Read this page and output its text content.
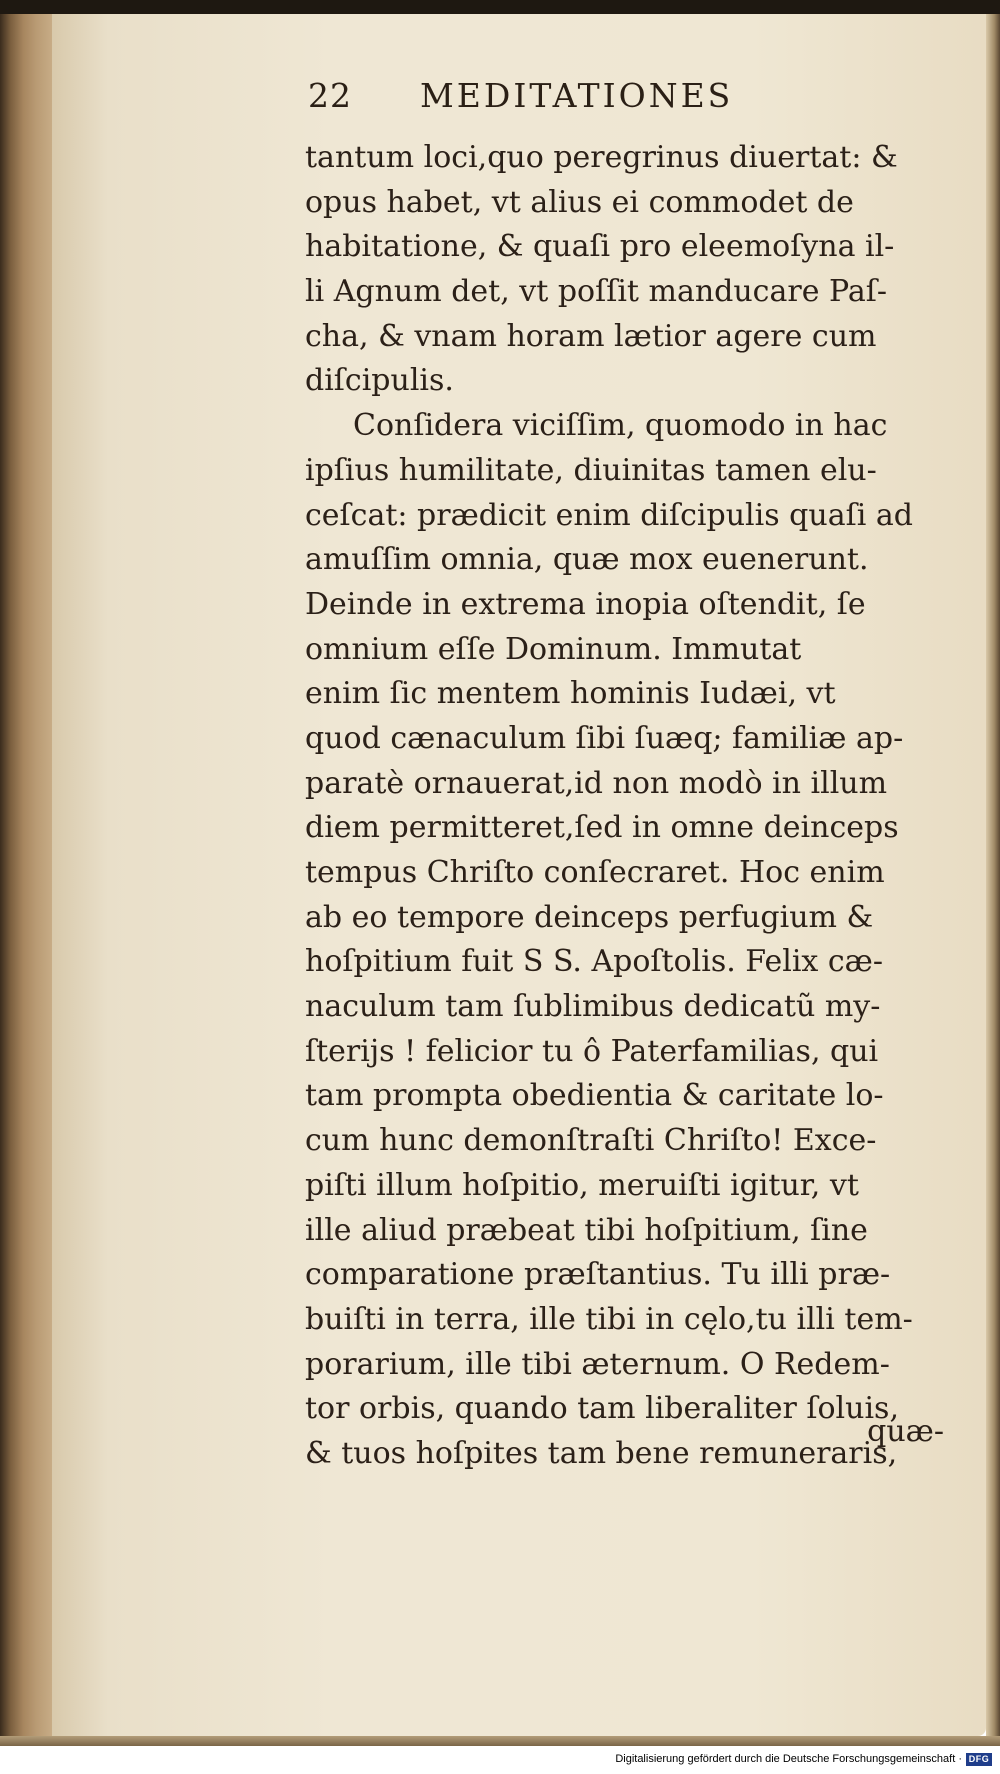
22 MEDITATIONES
tantum loci,quo peregrinus diuertat: &
opus habet, vt alius ei commodet de
habitatione, & quaſi pro eleemoſyna il-
li Agnum det, vt poſſit manducare Paſ-
cha, & vnam horam lætior agere cum
diſcipulis.
Conſidera viciſſim, quomodo in hac
ipſius humilitate, diuinitas tamen elu-
ceſcat: prædicit enim diſcipulis quaſi ad
amuſſim omnia, quæ mox euenerunt.
Deinde in extrema inopia oſtendit, ſe
omnium eſſe Dominum. Immutat
enim ſic mentem hominis Iudæi, vt
quod cænaculum ſibi ſuæq; familiæ ap-
paratè ornauerat,id non modò in illum
diem permitteret,ſed in omne deinceps
tempus Chriſto conſecraret. Hoc enim
ab eo tempore deinceps perfugium &
hoſpitium fuit S S. Apoſtolis. Felix cæ-
naculum tam ſublimibus dedicatũ my-
ſterijs ! felicior tu ô Paterfamilias, qui
tam prompta obedientia & caritate lo-
cum hunc demonſtraſti Chriſto! Exce-
piſti illum hoſpitio, meruiſti igitur, vt
ille aliud præbeat tibi hoſpitium, ſine
comparatione præſtantius. Tu illi præ-
buiſti in terra, ille tibi in cęlo,tu illi tem-
porarium, ille tibi æternum. O Redem-
tor orbis, quando tam liberaliter ſoluis,
& tuos hoſpites tam bene remuneraris,
quæ-
Digitalisierung gefördert durch die Deutsche Forschungsgemeinschaft · DFG
